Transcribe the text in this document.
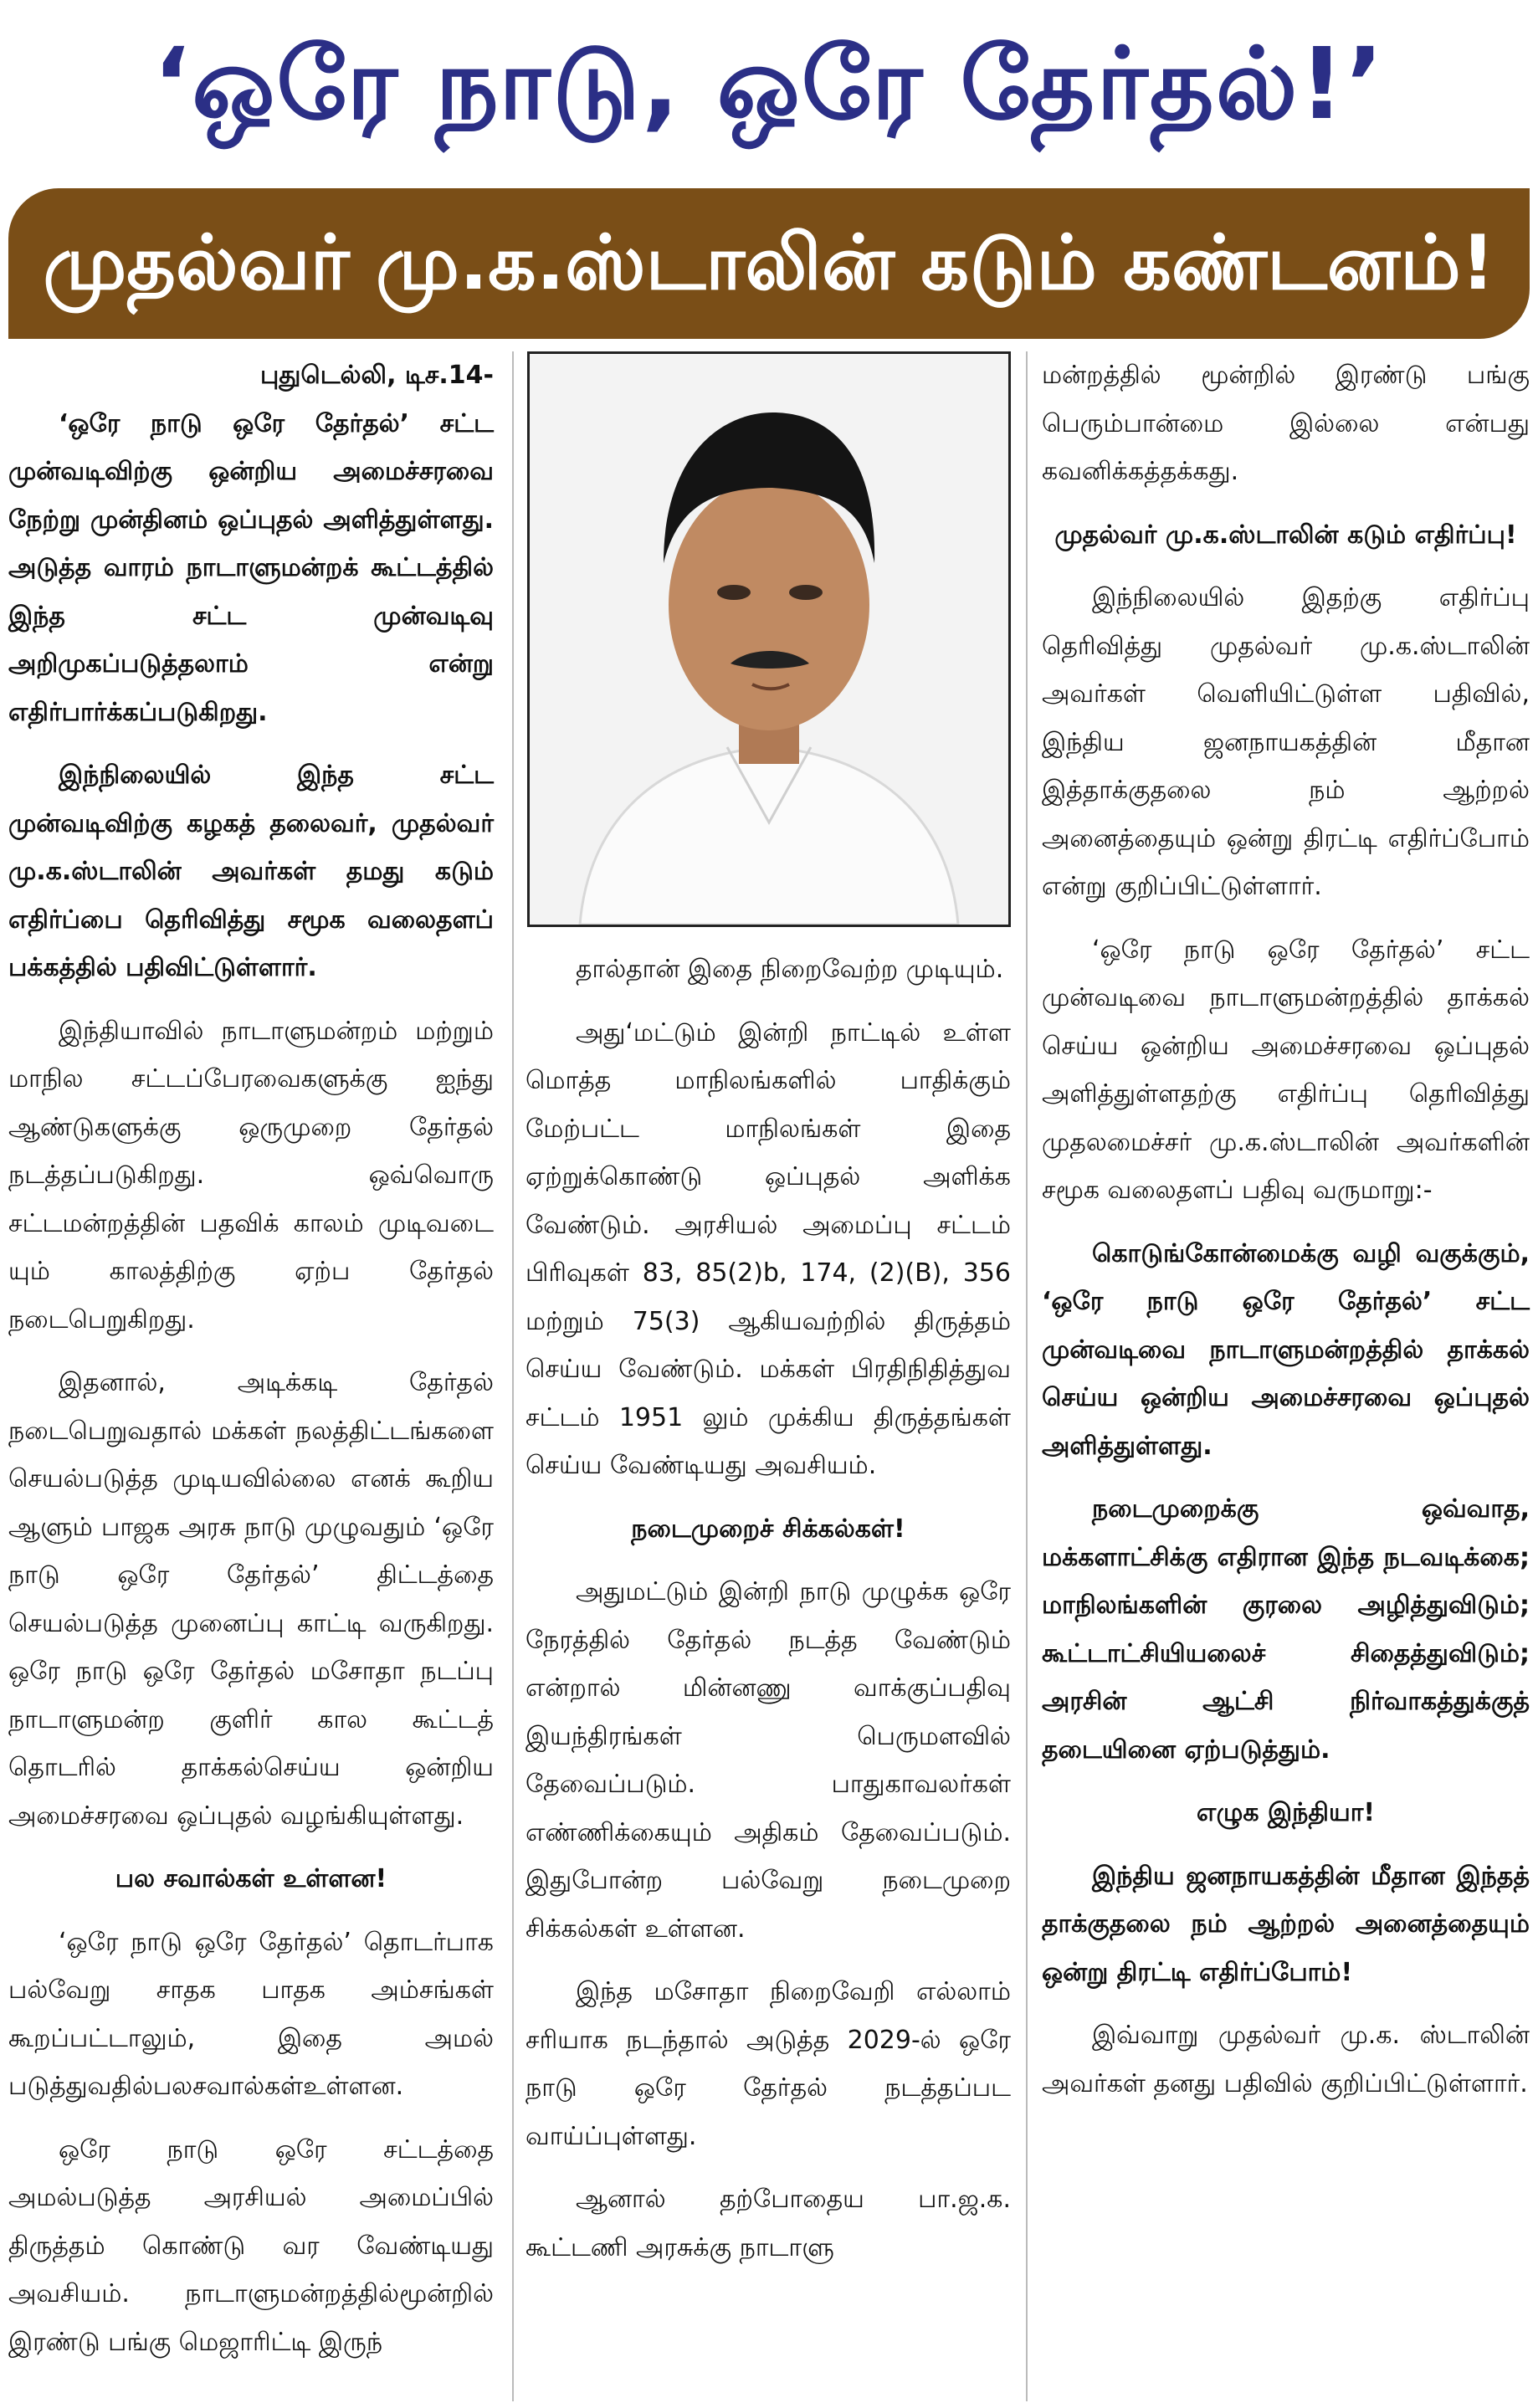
‘ஒரே நாடு, ஒரே தேர்தல்!’
முதல்வர் மு.க.ஸ்டாலின் கடும் கண்டனம்!

புதுடெல்லி, டிச.14-

‘ஒரே நாடு ஒரே தேர்தல்’ சட்ட முன்வடிவிற்கு ஒன்றிய அமைச்சரவை நேற்று முன்தினம் ஒப்புதல் அளித்துள்ளது. அடுத்த வாரம் நாடாளுமன்றக் கூட்டத்தில் இந்த சட்ட முன்வடிவு அறிமுகப்படுத்தலாம் என்று எதிர்பார்க்கப்படுகிறது.

இந்நிலையில் இந்த சட்ட முன்வடிவிற்கு கழகத் தலைவர், முதல்வர் மு.க.ஸ்டாலின் அவர்கள் தமது கடும் எதிர்ப்பை தெரிவித்து சமூக வலைதளப் பக்கத்தில் பதிவிட்டுள்ளார்.

இந்தியாவில் நாடாளுமன்றம் மற்றும் மாநில சட்டப்பேரவைகளுக்கு ஐந்து ஆண்டுகளுக்கு ஒருமுறை தேர்தல் நடத்தப்படுகிறது. ஒவ்வொரு சட்டமன்றத்தின் பதவிக் காலம் முடிவடை யும் காலத்திற்கு ஏற்ப தேர்தல் நடைபெறுகிறது.

இதனால், அடிக்கடி தேர்தல் நடைபெறுவதால் மக்கள் நலத்திட்டங்களை செயல்படுத்த முடியவில்லை எனக் கூறிய ஆளும் பாஜக அரசு நாடு முழுவதும் ‘ஒரே நாடு ஒரே தேர்தல்’ திட்டத்தை செயல்படுத்த முனைப்பு காட்டி வருகிறது. ஒரே நாடு ஒரே தேர்தல் மசோதா நடப்பு நாடாளுமன்ற குளிர் கால கூட்டத் தொடரில் தாக்கல்செய்ய ஒன்றிய அமைச்சரவை ஒப்புதல் வழங்கியுள்ளது.

பல சவால்கள் உள்ளன!

‘ஒரே நாடு ஒரே தேர்தல்’ தொடர்பாக பல்வேறு சாதக பாதக அம்சங்கள் கூறப்பட்டாலும், இதை அமல் படுத்துவதில்பலசவால்கள்உள்ளன.

ஒரே நாடு ஒரே சட்டத்தை அமல்படுத்த அரசியல் அமைப்பில் திருத்தம் கொண்டு வர வேண்டியது அவசியம். நாடாளுமன்றத்தில்மூன்றில் இரண்டு பங்கு மெஜாரிட்டி இருந்

தால்தான் இதை நிறைவேற்ற முடியும்.

அது‘மட்டும் இன்றி நாட்டில் உள்ள மொத்த மாநிலங்களில் பாதிக்கும் மேற்பட்ட மாநிலங்கள் இதை ஏற்றுக்கொண்டு ஒப்புதல் அளிக்க வேண்டும். அரசியல் அமைப்பு சட்டம் பிரிவுகள் 83, 85(2)b, 174, (2)(B), 356 மற்றும் 75(3) ஆகியவற்றில் திருத்தம் செய்ய வேண்டும். மக்கள் பிரதிநிதித்துவ சட்டம் 1951 லும் முக்கிய திருத்தங்கள் செய்ய வேண்டியது அவசியம்.

நடைமுறைச் சிக்கல்கள்!

அதுமட்டும் இன்றி நாடு முழுக்க ஒரே நேரத்தில் தேர்தல் நடத்த வேண்டும் என்றால் மின்னணு வாக்குப்பதிவு இயந்திரங்கள் பெருமளவில் தேவைப்படும். பாதுகாவலர்கள் எண்ணிக்கையும் அதிகம் தேவைப்படும். இதுபோன்ற பல்வேறு நடைமுறை சிக்கல்கள் உள்ளன.

இந்த மசோதா நிறைவேறி எல்லாம் சரியாக நடந்தால் அடுத்த 2029-ல் ஒரே நாடு ஒரே தேர்தல் நடத்தப்பட வாய்ப்புள்ளது.

ஆனால் தற்போதைய பா.ஜ.க. கூட்டணி அரசுக்கு நாடாளு

மன்றத்தில் மூன்றில் இரண்டு பங்கு பெரும்பான்மை இல்லை என்பது கவனிக்கத்தக்கது.

முதல்வர் மு.க.ஸ்டாலின் கடும் எதிர்ப்பு!

இந்நிலையில் இதற்கு எதிர்ப்பு தெரிவித்து முதல்வர் மு.க.ஸ்டாலின் அவர்கள் வெளியிட்டுள்ள பதிவில், இந்திய ஜனநாயகத்தின் மீதான இத்தாக்குதலை நம் ஆற்றல் அனைத்தையும் ஒன்று திரட்டி எதிர்ப்போம் என்று குறிப்பிட்டுள்ளார்.

‘ஒரே நாடு ஒரே தேர்தல்’ சட்ட முன்வடிவை நாடாளுமன்றத்தில் தாக்கல் செய்ய ஒன்றிய அமைச்சரவை ஒப்புதல் அளித்துள்ளதற்கு எதிர்ப்பு தெரிவித்து முதலமைச்சர் மு.க.ஸ்டாலின் அவர்களின் சமூக வலைதளப் பதிவு வருமாறு:-

கொடுங்கோன்மைக்கு வழி வகுக்கும், ‘ஒரே நாடு ஒரே தேர்தல்’ சட்ட முன்வடிவை நாடாளுமன்றத்தில் தாக்கல் செய்ய ஒன்றிய அமைச்சரவை ஒப்புதல் அளித்துள்ளது.

நடைமுறைக்கு ஒவ்வாத, மக்களாட்சிக்கு எதிரான இந்த நடவடிக்கை; மாநிலங்களின் குரலை அழித்துவிடும்; கூட்டாட்சியியலைச் சிதைத்துவிடும்; அரசின் ஆட்சி நிர்வாகத்துக்குத் தடையினை ஏற்படுத்தும்.

எழுக இந்தியா!

இந்திய ஜனநாயகத்தின் மீதான இந்தத் தாக்குதலை நம் ஆற்றல் அனைத்தையும் ஒன்று திரட்டி எதிர்ப்போம்!

இவ்வாறு முதல்வர் மு.க. ஸ்டாலின் அவர்கள் தனது பதிவில் குறிப்பிட்டுள்ளார்.
